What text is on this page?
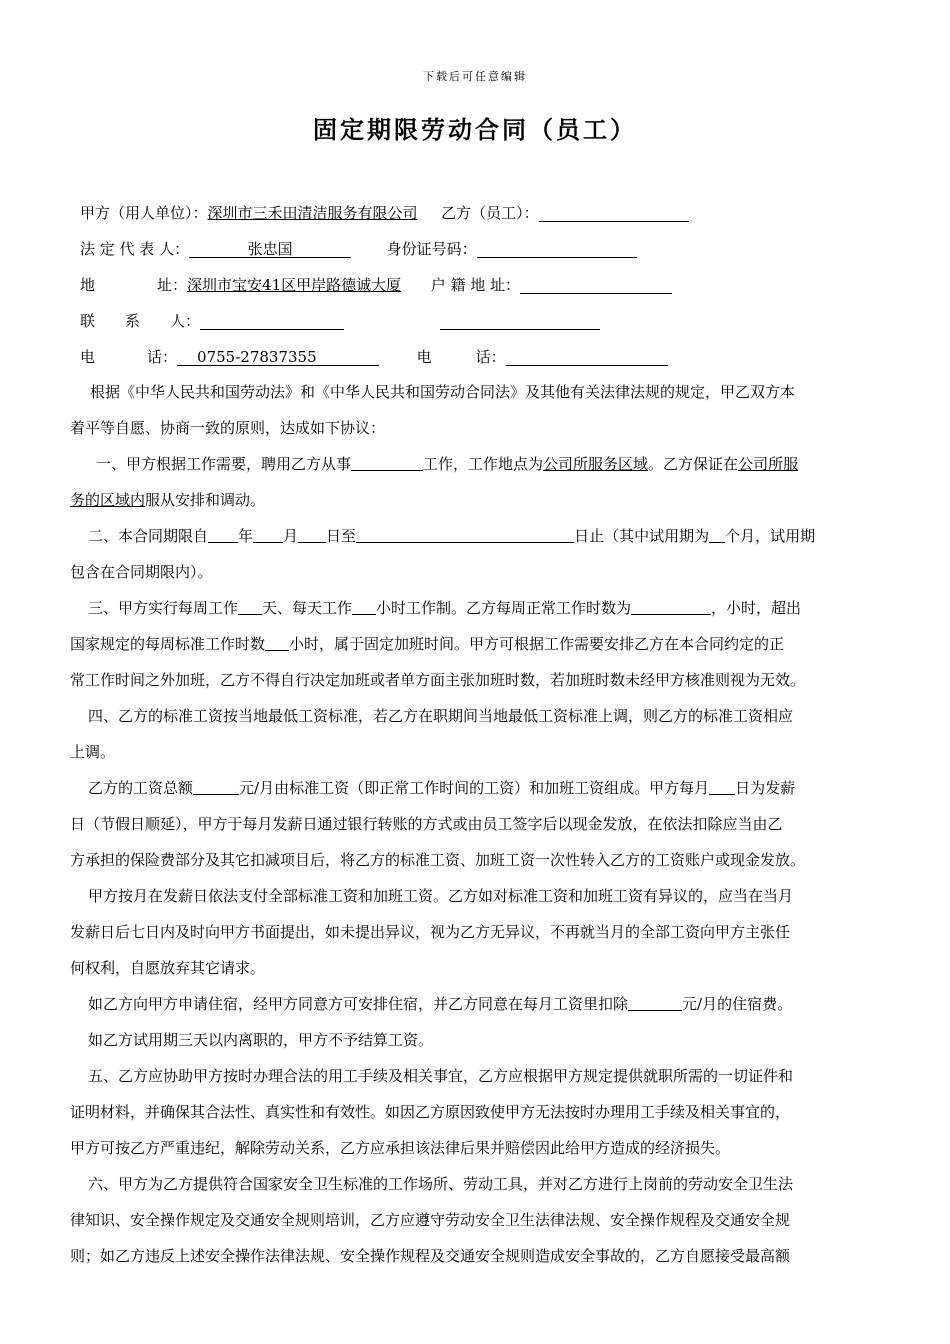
下载后可任意编辑
固定期限劳动合同（员工）
甲方（用人单位）：深圳市三禾田清洁服务有限公司 乙方（员工）：
法 定 代 表 人：	张忠国	身份证号码：
地	址：深圳市宝安41区甲岸路德诚大厦 户 籍 地 址：
联　　系　　人：
电	话： 0755-27837355	电	话：
根据《中华人民共和国劳动法》和《中华人民共和国劳动合同法》及其他有关法律法规的规定，甲乙双方本
着平等自愿、协商一致的原则，达成如下协议：
一、甲方根据工作需要，聘用乙方从事	工作，工作地点为公司所服务区域。乙方保证在公司所服
务的区域内服从安排和调动。
二、本合同期限自 年 月 日至	日止（其中试用期为 个月，试用期
包含在合同期限内）。
三、甲方实行每周工作 天、每天工作 小时工作制。乙方每周正常工作时数为	，小时，超出
国家规定的每周标准工作时数 小时，属于固定加班时间。甲方可根据工作需要安排乙方在本合同约定的正
常工作时间之外加班，乙方不得自行决定加班或者单方面主张加班时数，若加班时数未经甲方核准则视为无效。
四、乙方的标准工资按当地最低工资标准，若乙方在职期间当地最低工资标准上调，则乙方的标准工资相应
上调。
乙方的工资总额	元/月由标准工资（即正常工作时间的工资）和加班工资组成。甲方每月 日为发薪
日（节假日顺延），甲方于每月发薪日通过银行转账的方式或由员工签字后以现金发放，在依法扣除应当由乙
方承担的保险费部分及其它扣减项目后，将乙方的标准工资、加班工资一次性转入乙方的工资账户或现金发放。
甲方按月在发薪日依法支付全部标准工资和加班工资。乙方如对标准工资和加班工资有异议的，应当在当月
发薪日后七日内及时向甲方书面提出，如未提出异议，视为乙方无异议，不再就当月的全部工资向甲方主张任
何权利，自愿放弃其它请求。
如乙方向甲方申请住宿，经甲方同意方可安排住宿，并乙方同意在每月工资里扣除	元/月的住宿费。
如乙方试用期三天以内离职的，甲方不予结算工资。
五、乙方应协助甲方按时办理合法的用工手续及相关事宜，乙方应根据甲方规定提供就职所需的一切证件和
证明材料，并确保其合法性、真实性和有效性。如因乙方原因致使甲方无法按时办理用工手续及相关事宜的，
甲方可按乙方严重违纪，解除劳动关系，乙方应承担该法律后果并赔偿因此给甲方造成的经济损失。
六、甲方为乙方提供符合国家安全卫生标准的工作场所、劳动工具，并对乙方进行上岗前的劳动安全卫生法
律知识、安全操作规定及交通安全规则培训，乙方应遵守劳动安全卫生法律法规、安全操作规程及交通安全规
则；如乙方违反上述安全操作法律法规、安全操作规程及交通安全规则造成安全事故的，乙方自愿接受最高额
